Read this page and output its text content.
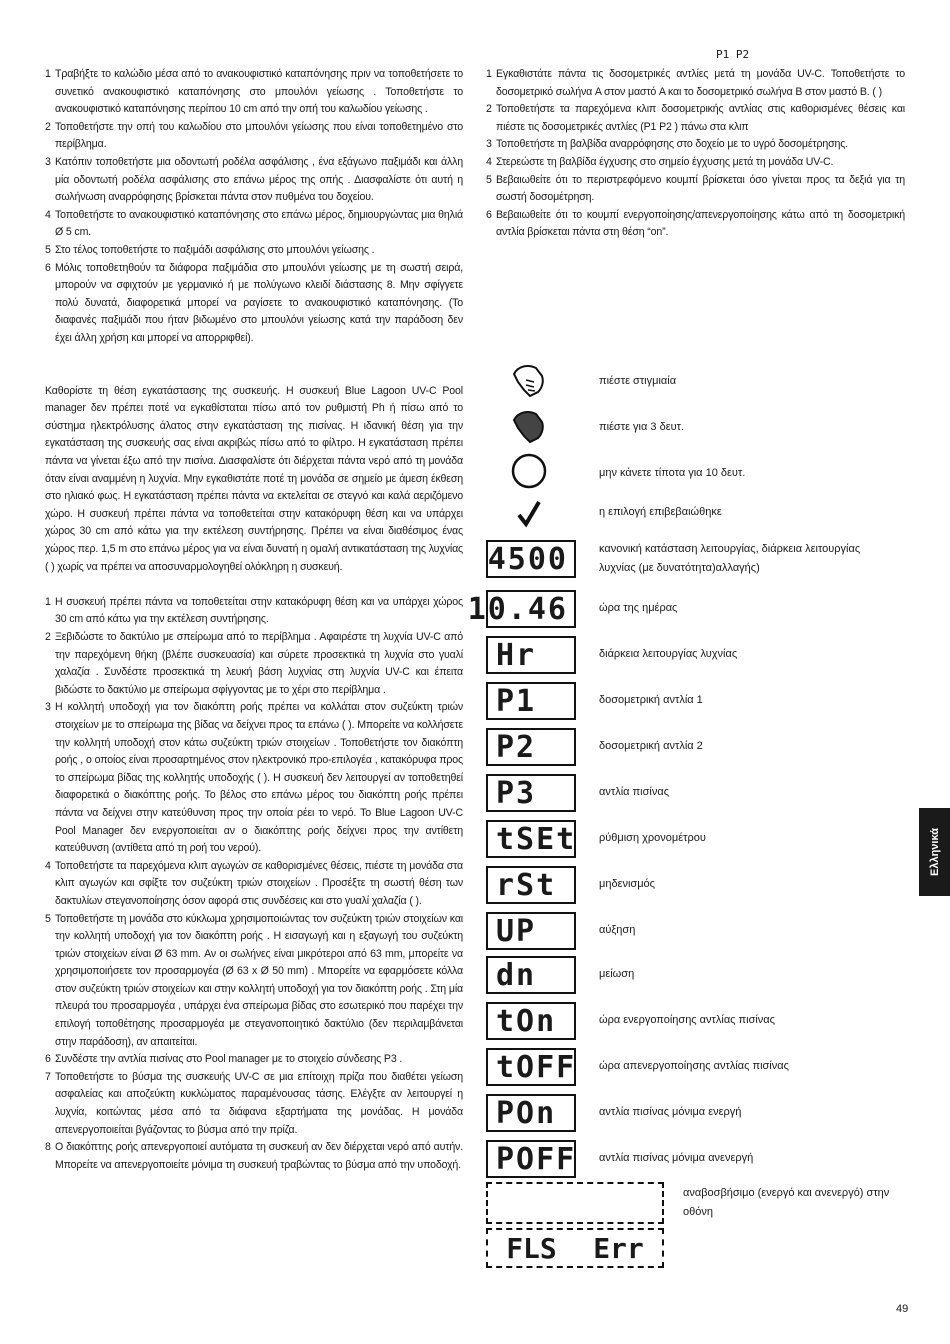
P1 P2
1 Τραβήξτε το καλώδιο μέσα από το ανακουφιστικό καταπόνησης πριν να τοποθετήσετε το συνετικό ανακουφιστικό καταπόνησης στο μπουλόνι γείωσης . Τοποθετήστε το ανακουφιστικό καταπόνησης περίπου 10 cm από την οπή του καλωδίου γείωσης .
2 Τοποθετήστε την οπή του καλωδίου στο μπουλόνι γείωσης που είναι τοποθετημένο στο περίβλημα.
3 Κατόπιν τοποθετήστε μια οδοντωτή ροδέλα ασφάλισης , ένα εξάγωνο παξιμάδι και άλλη μία οδοντωτή ροδέλα ασφάλισης στο επάνω μέρος της οπής . Διασφαλίστε ότι αυτή η σωλήνωση αναρρόφησης βρίσκεται πάντα στον πυθμένα του δοχείου.
4 Τοποθετήστε το ανακουφιστικό καταπόνησης στο επάνω μέρος, δημιουργώντας μια θηλιά Ø 5 cm.
5 Στο τέλος τοποθετήστε το παξιμάδι ασφάλισης στο μπουλόνι γείωσης .
6 Μόλις τοποθετηθούν τα διάφορα παξιμάδια στο μπουλόνι γείωσης με τη σωστή σειρά, μπορούν να σφιχτούν με γερμανικό ή με πολύγωνο κλειδί διάστασης 8. Μην σφίγγετε πολύ δυνατά, διαφορετικά μπορεί να ραγίσετε το ανακουφιστικό καταπόνησης. (Το διαφανές παξιμάδι που ήταν βιδωμένο στο μπουλόνι γείωσης κατά την παράδοση δεν έχει άλλη χρήση και μπορεί να απορριφθεί).
Καθορίστε τη θέση εγκατάστασης της συσκευής. Η συσκευή Blue Lagoon UV-C Pool manager δεν πρέπει ποτέ να εγκαθίσταται πίσω από τον ρυθμιστή Ph ή πίσω από το σύστημα ηλεκτρόλυσης άλατος στην εγκατάσταση της πισίνας. Η ιδανική θέση για την εγκατάσταση της συσκευής σας είναι ακριβώς πίσω από το φίλτρο. Η εγκατάσταση πρέπει πάντα να γίνεται έξω από την πισίνα. Διασφαλίστε ότι διέρχεται πάντα νερό από τη μονάδα όταν είναι αναμμένη η λυχνία. Μην εγκαθιστάτε ποτέ τη μονάδα σε σημείο με άμεση έκθεση στο ηλιακό φως. Η εγκατάσταση πρέπει πάντα να εκτελείται σε στεγνό και καλά αεριζόμενο χώρο. Η συσκευή πρέπει πάντα να τοποθετείται στην κατακόρυφη θέση και να υπάρχει χώρος 30 cm από κάτω για την εκτέλεση συντήρησης. Πρέπει να είναι διαθέσιμος ένας χώρος περ. 1,5 m στο επάνω μέρος για να είναι δυνατή η ομαλή αντικατάσταση της λυχνίας ( ) χωρίς να πρέπει να αποσυναρμολογηθεί ολόκληρη η συσκευή.
1 Η συσκευή πρέπει πάντα να τοποθετείται στην κατακόρυφη θέση και να υπάρχει χώρος 30 cm από κάτω για την εκτέλεση συντήρησης.
2 Ξεβιδώστε το δακτύλιο με σπείρωμα από το περίβλημα . Αφαιρέστε τη λυχνία UV-C από την παρεχόμενη θήκη (βλέπε συσκευασία) και σύρετε προσεκτικά τη λυχνία στο γυαλί χαλαζία . Συνδέστε προσεκτικά τη λευκή βάση λυχνίας στη λυχνία UV-C και έπειτα βιδώστε το δακτύλιο με σπείρωμα σφίγγοντας με το χέρι στο περίβλημα .
3 Η κολλητή υποδοχή για τον διακόπτη ροής πρέπει να κολλάται στον συζεύκτη τριών στοιχείων με το σπείρωμα της βίδας να δείχνει προς τα επάνω ( ). Μπορείτε να κολλήσετε την κολλητή υποδοχή στον κάτω συζεύκτη τριών στοιχείων . Τοποθετήστε τον διακόπτη ροής , ο οποίος είναι προσαρτημένος στον ηλεκτρονικό προ-επιλογέα , κατακόρυφα προς το σπείρωμα βίδας της κολλητής υποδοχής ( ). Η συσκευή δεν λειτουργεί αν τοποθετηθεί διαφορετικά ο διακόπτης ροής. Το βέλος στο επάνω μέρος του διακόπτη ροής πρέπει πάντα να δείχνει στην κατεύθυνση προς την οποία ρέει το νερό. Το Blue Lagoon UV-C Pool Manager δεν ενεργοποιείται αν ο διακόπτης ροής δείχνει προς την αντίθετη κατεύθυνση (αντίθετα από τη ροή του νερού).
4 Τοποθετήστε τα παρεχόμενα κλιπ αγωγών σε καθορισμένες θέσεις, πιέστε τη μονάδα στα κλιπ αγωγών και σφίξτε τον συζεύκτη τριών στοιχείων . Προσέξτε τη σωστή θέση των δακτυλίων στεγανοποίησης όσον αφορά στις συνδέσεις και στο γυαλί χαλαζία ( ).
5 Τοποθετήστε τη μονάδα στο κύκλωμα χρησιμοποιώντας τον συζεύκτη τριών στοιχείων και την κολλητή υποδοχή για τον διακόπτη ροής . Η εισαγωγή και η εξαγωγή του συζεύκτη τριών στοιχείων είναι Ø 63 mm. Αν οι σωλήνες είναι μικρότεροι από 63 mm, μπορείτε να χρησιμοποιήσετε τον προσαρμογέα (Ø 63 x Ø 50 mm) . Μπορείτε να εφαρμόσετε κόλλα στον συζεύκτη τριών στοιχείων και στην κολλητή υποδοχή για τον διακόπτη ροής . Στη μία πλευρά του προσαρμογέα , υπάρχει ένα σπείρωμα βίδας στο εσωτερικό που παρέχει την επιλογή τοποθέτησης προσαρμογέα με στεγανοποιητικό δακτύλιο (δεν περιλαμβάνεται στην παράδοση), αν απαιτείται.
6 Συνδέστε την αντλία πισίνας στο Pool manager με το στοιχείο σύνδεσης P3 .
7 Τοποθετήστε το βύσμα της συσκευής UV-C σε μια επίτοιχη πρίζα που διαθέτει γείωση ασφαλείας και αποζεύκτη κυκλώματος παραμένουσας τάσης. Ελέγξτε αν λειτουργεί η λυχνία, κοιτώντας μέσα από τα διάφανα εξαρτήματα της μονάδας. Η μονάδα απενεργοποιείται βγάζοντας το βύσμα από την πρίζα.
8 Ο διακόπτης ροής απενεργοποιεί αυτόματα τη συσκευή αν δεν διέρχεται νερό από αυτήν. Μπορείτε να απενεργοποιείτε μόνιμα τη συσκευή τραβώντας το βύσμα από την υποδοχή.
1 Εγκαθιστάτε πάντα τις δοσομετρικές αντλίες μετά τη μονάδα UV-C. Τοποθετήστε το δοσομετρικό σωλήνα A στον μαστό A και το δοσομετρικό σωλήνα B στον μαστό B. ( )
2 Τοποθετήστε τα παρεχόμενα κλιπ δοσομετρικής αντλίας στις καθορισμένες θέσεις και πιέστε τις δοσομετρικές αντλίες (P1 P2 ) πάνω στα κλιπ
3 Τοποθετήστε τη βαλβίδα αναρρόφησης στο δοχείο με το υγρό δοσομέτρησης.
4 Στερεώστε τη βαλβίδα έγχυσης στο σημείο έγχυσης μετά τη μονάδα UV-C.
5 Βεβαιωθείτε ότι το περιστρεφόμενο κουμπί βρίσκεται όσο γίνεται προς τα δεξιά για τη σωστή δοσομέτρηση.
6 Βεβαιωθείτε ότι το κουμπί ενεργοποίησης/απενεργοποίησης κάτω από τη δοσομετρική αντλία βρίσκεται πάντα στη θέση “on”.
πιέστε στιγμιαία
πιέστε για 3 δευτ.
μην κάνετε τίποτα για 10 δευτ.
η επιλογή επιβεβαιώθηκε
4500	κανονική κατάσταση λειτουργίας, διάρκεια λειτουργίας λυχνίας (με δυνατότητα)αλλαγής)
10.46	ώρα της ημέρας
Hr	διάρκεια λειτουργίας λυχνίας
P1	δοσομετρική αντλία 1
P2	δοσομετρική αντλία 2
P3	αντλία πισίνας
tSEt ρύθμιση χρονομέτρου
rSt	μηδενισμός
UP	αύξηση
dn	μείωση
tOn	ώρα ενεργοποίησης αντλίας πισίνας
tOFF ώρα απενεργοποίησης αντλίας πισίνας
POn	αντλία πισίνας μόνιμα ενεργή
POFF αντλία πισίνας μόνιμα ανενεργή
αναβοσβήσιμο (ενεργό και ανενεργό) στην οθόνη
FLS Err
Ελληνικά
49
